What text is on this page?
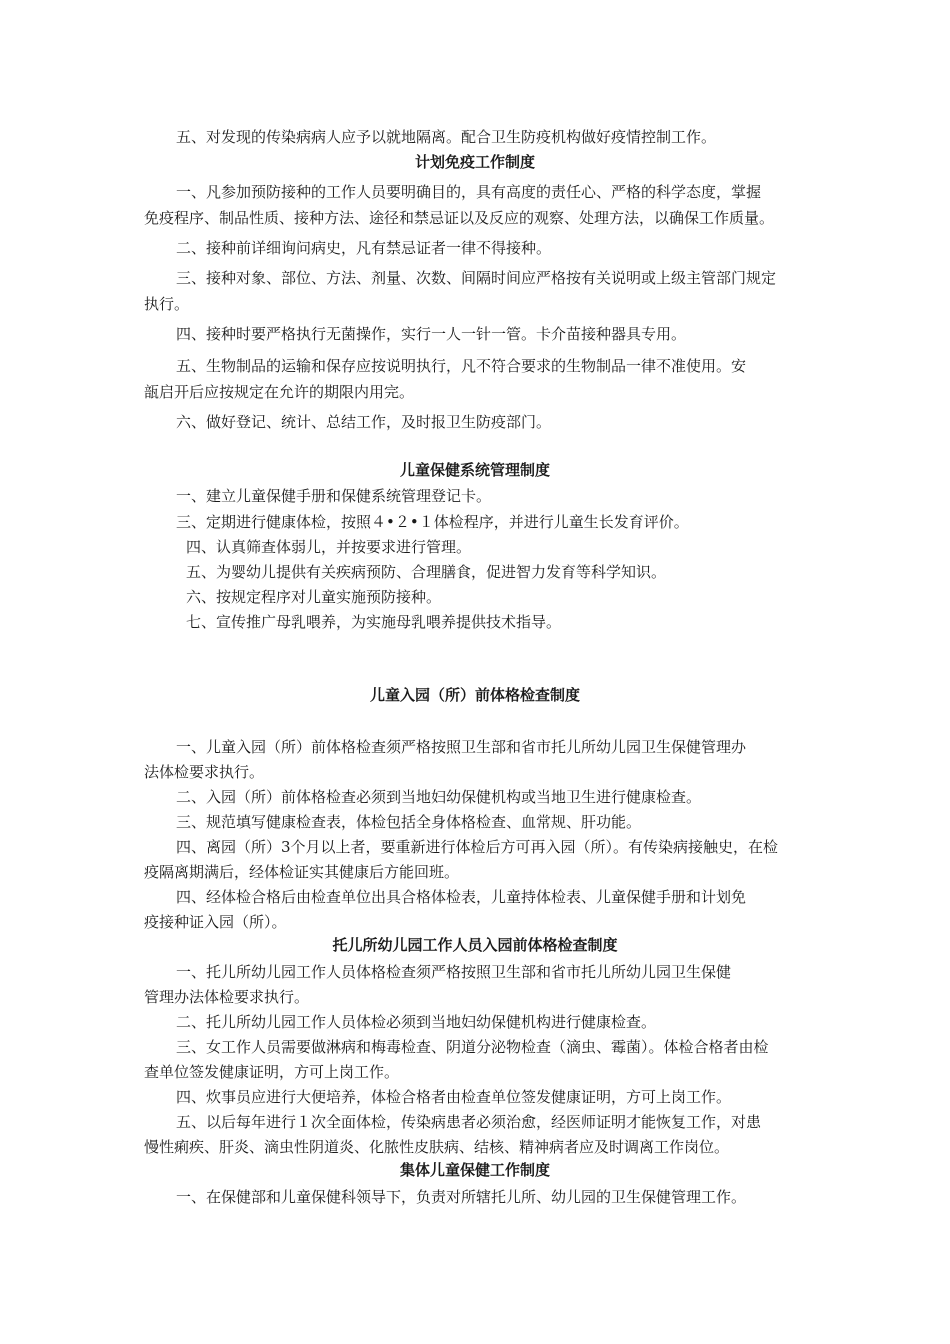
五、对发现的传染病病人应予以就地隔离。配合卫生防疫机构做好疫情控制工作。
计划免疫工作制度
一、凡参加预防接种的工作人员要明确目的，具有高度的责任心、严格的科学态度，掌握
免疫程序、制品性质、接种方法、途径和禁忌证以及反应的观察、处理方法，以确保工作质量。
二、接种前详细询问病史，凡有禁忌证者一律不得接种。
三、接种对象、部位、方法、剂量、次数、间隔时间应严格按有关说明或上级主管部门规定
执行。
四、接种时要严格执行无菌操作，实行一人一针一管。卡介苗接种器具专用。
五、生物制品的运输和保存应按说明执行，凡不符合要求的生物制品一律不准使用。安
瓿启开后应按规定在允许的期限内用完。
六、做好登记、统计、总结工作，及时报卫生防疫部门。
儿童保健系统管理制度
一、建立儿童保健手册和保健系统管理登记卡。
三、定期进行健康体检，按照４•２•１体检程序，并进行儿童生长发育评价。
四、认真筛查体弱儿，并按要求进行管理。
五、为婴幼儿提供有关疾病预防、合理膳食，促进智力发育等科学知识。
六、按规定程序对儿童实施预防接种。
七、宣传推广母乳喂养，为实施母乳喂养提供技术指导。
儿童入园（所）前体格检查制度
一、儿童入园（所）前体格检查须严格按照卫生部和省市托儿所幼儿园卫生保健管理办
法体检要求执行。
二、入园（所）前体格检查必须到当地妇幼保健机构或当地卫生进行健康检查。
三、规范填写健康检查表，体检包括全身体格检查、血常规、肝功能。
四、离园（所）3个月以上者，要重新进行体检后方可再入园（所）。有传染病接触史，在检
疫隔离期满后，经体检证实其健康后方能回班。
四、经体检合格后由检查单位出具合格体检表，儿童持体检表、儿童保健手册和计划免
疫接种证入园（所）。
托儿所幼儿园工作人员入园前体格检查制度
一、托儿所幼儿园工作人员体格检查须严格按照卫生部和省市托儿所幼儿园卫生保健
管理办法体检要求执行。
二、托儿所幼儿园工作人员体检必须到当地妇幼保健机构进行健康检查。
三、女工作人员需要做淋病和梅毒检查、阴道分泌物检查（滴虫、霉菌）。体检合格者由检
查单位签发健康证明，方可上岗工作。
四、炊事员应进行大便培养，体检合格者由检查单位签发健康证明，方可上岗工作。
五、以后每年进行１次全面体检，传染病患者必须治愈，经医师证明才能恢复工作，对患
慢性痢疾、肝炎、滴虫性阴道炎、化脓性皮肤病、结核、精神病者应及时调离工作岗位。
集体儿童保健工作制度
一、在保健部和儿童保健科领导下，负责对所辖托儿所、幼儿园的卫生保健管理工作。
